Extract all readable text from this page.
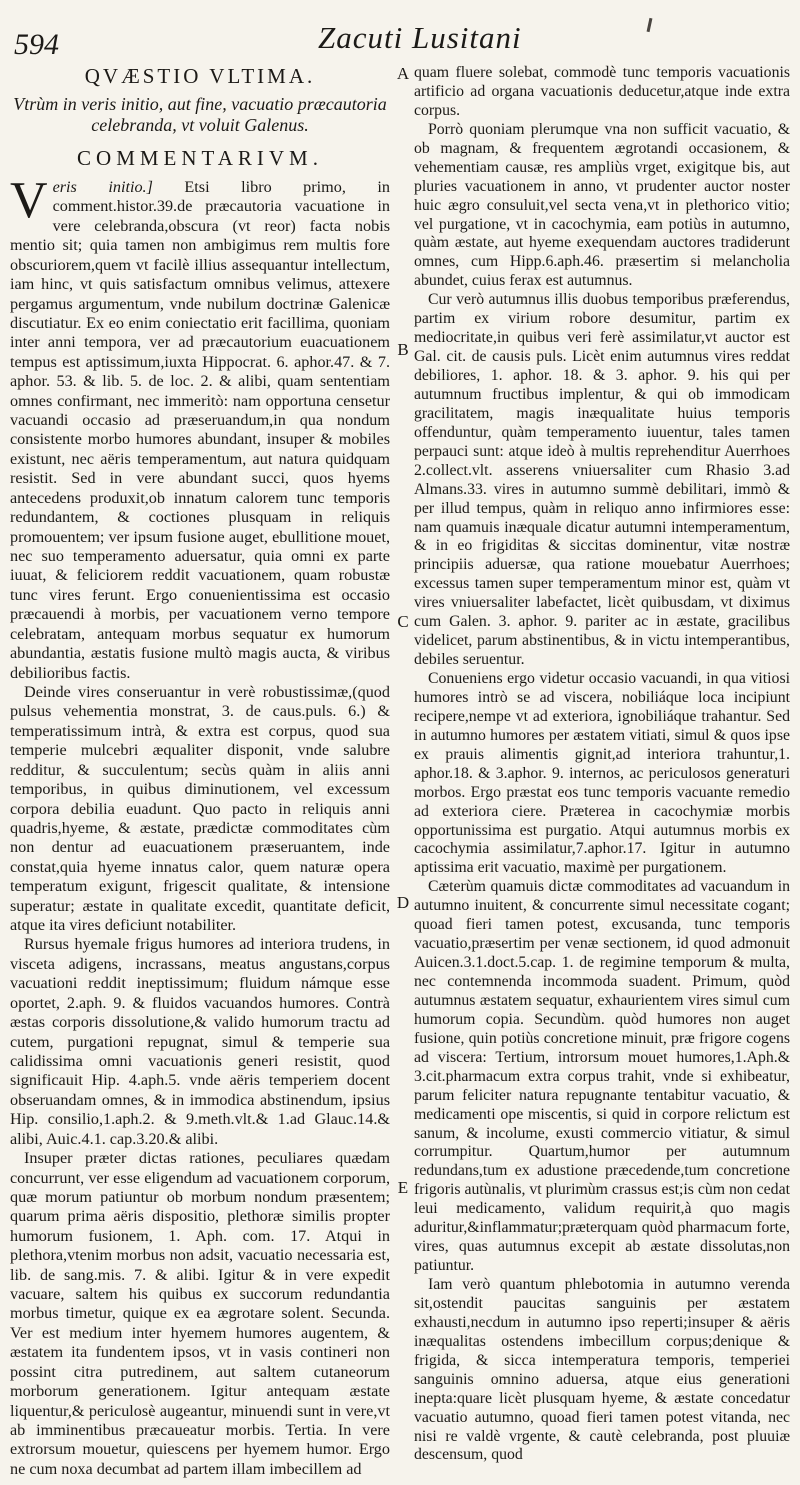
594	Zacuti Lusitani
A
B
C
D
E
QVÆSTIO VLTIMA.
Vtrùm in veris initio, aut fine, vacuatio præcautoria celebranda, vt voluit Galenus.
COMMENTARIVM.

Veris initio.] Etsi libro primo, in comment.histor.39.de præcautoria vacuatione in vere celebranda,obscura (vt reor) facta nobis mentio sit; quia tamen non ambigimus rem multis fore obscuriorem,quem vt facilè illius assequantur intellectum, iam hinc, vt quis satisfactum omnibus velimus, attexere pergamus argumentum, vnde nubilum doctrinæ Galenicæ discutiatur. Ex eo enim coniectatio erit facillima, quoniam inter anni tempora, ver ad præcautorium euacuationem tempus est aptissimum,iuxta Hippocrat. 6. aphor.47. & 7. aphor. 53. & lib. 5. de loc. 2. & alibi, quam sententiam omnes confirmant, nec immeritò: nam opportuna censetur vacuandi occasio ad præseruandum,in qua nondum consistente morbo humores abundant, insuper & mobiles existunt, nec aëris temperamentum, aut natura quidquam resistit. Sed in vere abundant succi, quos hyems antecedens produxit,ob innatum calorem tunc temporis redundantem, & coctiones plusquam in reliquis promouentem; ver ipsum fusione auget, ebullitione mouet, nec suo temperamento aduersatur, quia omni ex parte iuuat, & feliciorem reddit vacuationem, quam robustæ tunc vires ferunt. Ergo conuenientissima est occasio præcauendi à morbis, per vacuationem verno tempore celebratam, antequam morbus sequatur ex humorum abundantia, æstatis fusione multò magis aucta, & viribus debilioribus factis.

Deinde vires conseruantur in verè robustissimæ,(quod pulsus vehementia monstrat, 3. de caus.puls. 6.) & temperatissimum intrà, & extra est corpus, quod sua temperie mulcebri æqualiter disponit, vnde salubre redditur, & succulentum; secùs quàm in aliis anni temporibus, in quibus diminutionem, vel excessum corpora debilia euadunt. Quo pacto in reliquis anni quadris,hyeme, & æstate, prædictæ commoditates cùm non dentur ad euacuationem præseruantem, inde constat,quia hyeme innatus calor, quem naturæ opera temperatum exigunt, frigescit qualitate, & intensione superatur; æstate in qualitate excedit, quantitate deficit, atque ita vires deficiunt notabiliter.

Rursus hyemale frigus humores ad interiora trudens, in visceta adigens, incrassans, meatus angustans,corpus vacuationi reddit ineptissimum; fluidum námque esse oportet, 2.aph. 9. & fluidos vacuandos humores. Contrà æstas corporis dissolutione,& valido humorum tractu ad cutem, purgationi repugnat, simul & temperie sua calidissima omni vacuationis generi resistit, quod significauit Hip. 4.aph.5. vnde aëris temperiem docent obseruandam omnes, & in immodica abstinendum, ipsius Hip. consilio,1.aph.2. & 9.meth.vlt.& 1.ad Glauc.14.& alibi, Auic.4.1. cap.3.20.& alibi.

Insuper præter dictas rationes, peculiares quædam concurrunt, ver esse eligendum ad vacuationem corporum, quæ morum patiuntur ob morbum nondum præsentem; quarum prima aëris dispositio, plethoræ similis propter humorum fusionem, 1. Aph. com. 17. Atqui in plethora,vtenim morbus non adsit, vacuatio necessaria est, lib. de sang.mis. 7. & alibi. Igitur & in vere expedit vacuare, saltem his quibus ex succorum redundantia morbus timetur, quique ex ea ægrotare solent. Secunda. Ver est medium inter hyemem humores augentem, & æstatem ita fundentem ipsos, vt in vasis contineri non possint citra putredinem, aut saltem cutaneorum morborum generationem. Igitur antequam æstate liquentur,& periculosè augeantur, minuendi sunt in vere,vt ab imminentibus præcaueatur morbis. Tertia. In vere extrorsum mouetur, quiescens per hyemem humor. Ergo ne cum noxa decumbat ad partem illam imbecillem ad

quam fluere solebat, commodè tunc temporis vacuationis artificio ad organa vacuationis deducetur,atque inde extra corpus.

Porrò quoniam plerumque vna non sufficit vacuatio, & ob magnam, & frequentem ægrotandi occasionem, & vehementiam causæ, res ampliùs vrget, exigitque bis, aut pluries vacuationem in anno, vt prudenter auctor noster huic ægro consuluit,vel secta vena,vt in plethorico vitio; vel purgatione, vt in cacochymia, eam potiùs in autumno, quàm æstate, aut hyeme exequendam auctores tradiderunt omnes, cum Hipp.6.aph.46. præsertim si melancholia abundet, cuius ferax est autumnus.

Cur verò autumnus illis duobus temporibus præferendus, partim ex virium robore desumitur, partim ex mediocritate,in quibus veri ferè assimilatur,vt auctor est Gal. cit. de causis puls. Licèt enim autumnus vires reddat debiliores, 1. aphor. 18. & 3. aphor. 9. his qui per autumnum fructibus implentur, & qui ob immodicam gracilitatem, magis inæqualitate huius temporis offenduntur, quàm temperamento iuuentur, tales tamen perpauci sunt: atque ideò à multis reprehenditur Auerrhoes 2.collect.vlt. asserens vniuersaliter cum Rhasio 3.ad Almans.33. vires in autumno summè debilitari, immò & per illud tempus, quàm in reliquo anno infirmiores esse: nam quamuis inæquale dicatur autumni intemperamentum, & in eo frigiditas & siccitas dominentur, vitæ nostræ principiis aduersæ, qua ratione mouebatur Auerrhoes; excessus tamen super temperamentum minor est, quàm vt vires vniuersaliter labefactet, licèt quibusdam, vt diximus cum Galen. 3. aphor. 9. pariter ac in æstate, gracilibus videlicet, parum abstinentibus, & in victu intemperantibus, debiles seruentur.

Conueniens ergo videtur occasio vacuandi, in qua vitiosi humores intrò se ad viscera, nobiliáque loca incipiunt recipere,nempe vt ad exteriora, ignobiliáque trahantur. Sed in autumno humores per æstatem vitiati, simul & quos ipse ex prauis alimentis gignit,ad interiora trahuntur,1. aphor.18. & 3.aphor. 9. internos, ac periculosos generaturi morbos. Ergo præstat eos tunc temporis vacuante remedio ad exteriora ciere. Præterea in cacochymiæ morbis opportunissima est purgatio. Atqui autumnus morbis ex cacochymia assimilatur,7.aphor.17. Igitur in autumno aptissima erit vacuatio, maximè per purgationem.

Cæterùm quamuis dictæ commoditates ad vacuandum in autumno inuitent, & concurrente simul necessitate cogant; quoad fieri tamen potest, excusanda, tunc temporis vacuatio,præsertim per venæ sectionem, id quod admonuit Auicen.3.1.doct.5.cap. 1. de regimine temporum & multa, nec contemnenda incommoda suadent. Primum, quòd autumnus æstatem sequatur, exhaurientem vires simul cum humorum copia. Secundùm. quòd humores non auget fusione, quin potiùs concretione minuit, præ frigore cogens ad viscera: Tertium, introrsum mouet humores,1.Aph.& 3.cit.pharmacum extra corpus trahit, vnde si exhibeatur, parum feliciter natura repugnante tentabitur vacuatio, & medicamenti ope miscentis, si quid in corpore relictum est sanum, & incolume, exusti commercio vitiatur, & simul corrumpitur. Quartum,humor per autumnum redundans,tum ex adustione præcedende,tum concretione frigoris autùnalis, vt plurimùm crassus est;is cùm non cedat leui medicamento, validum requirit,à quo magis aduritur,&inflammatur;præterquam quòd pharmacum forte, vires, quas autumnus excepit ab æstate dissolutas,non patiuntur.

Iam verò quantum phlebotomia in autumno verenda sit,ostendit paucitas sanguinis per æstatem exhausti,necdum in autumno ipso reperti;insuper & aëris inæqualitas ostendens imbecillum corpus;denique & frigida, & sicca intemperatura temporis, temperiei sanguinis omnino aduersa, atque eius generationi inepta:quare licèt plusquam hyeme, & æstate concedatur vacuatio autumno, quoad fieri tamen potest vitanda, nec nisi re valdè vrgente, & cautè celebranda, post pluuiæ descensum, quod
